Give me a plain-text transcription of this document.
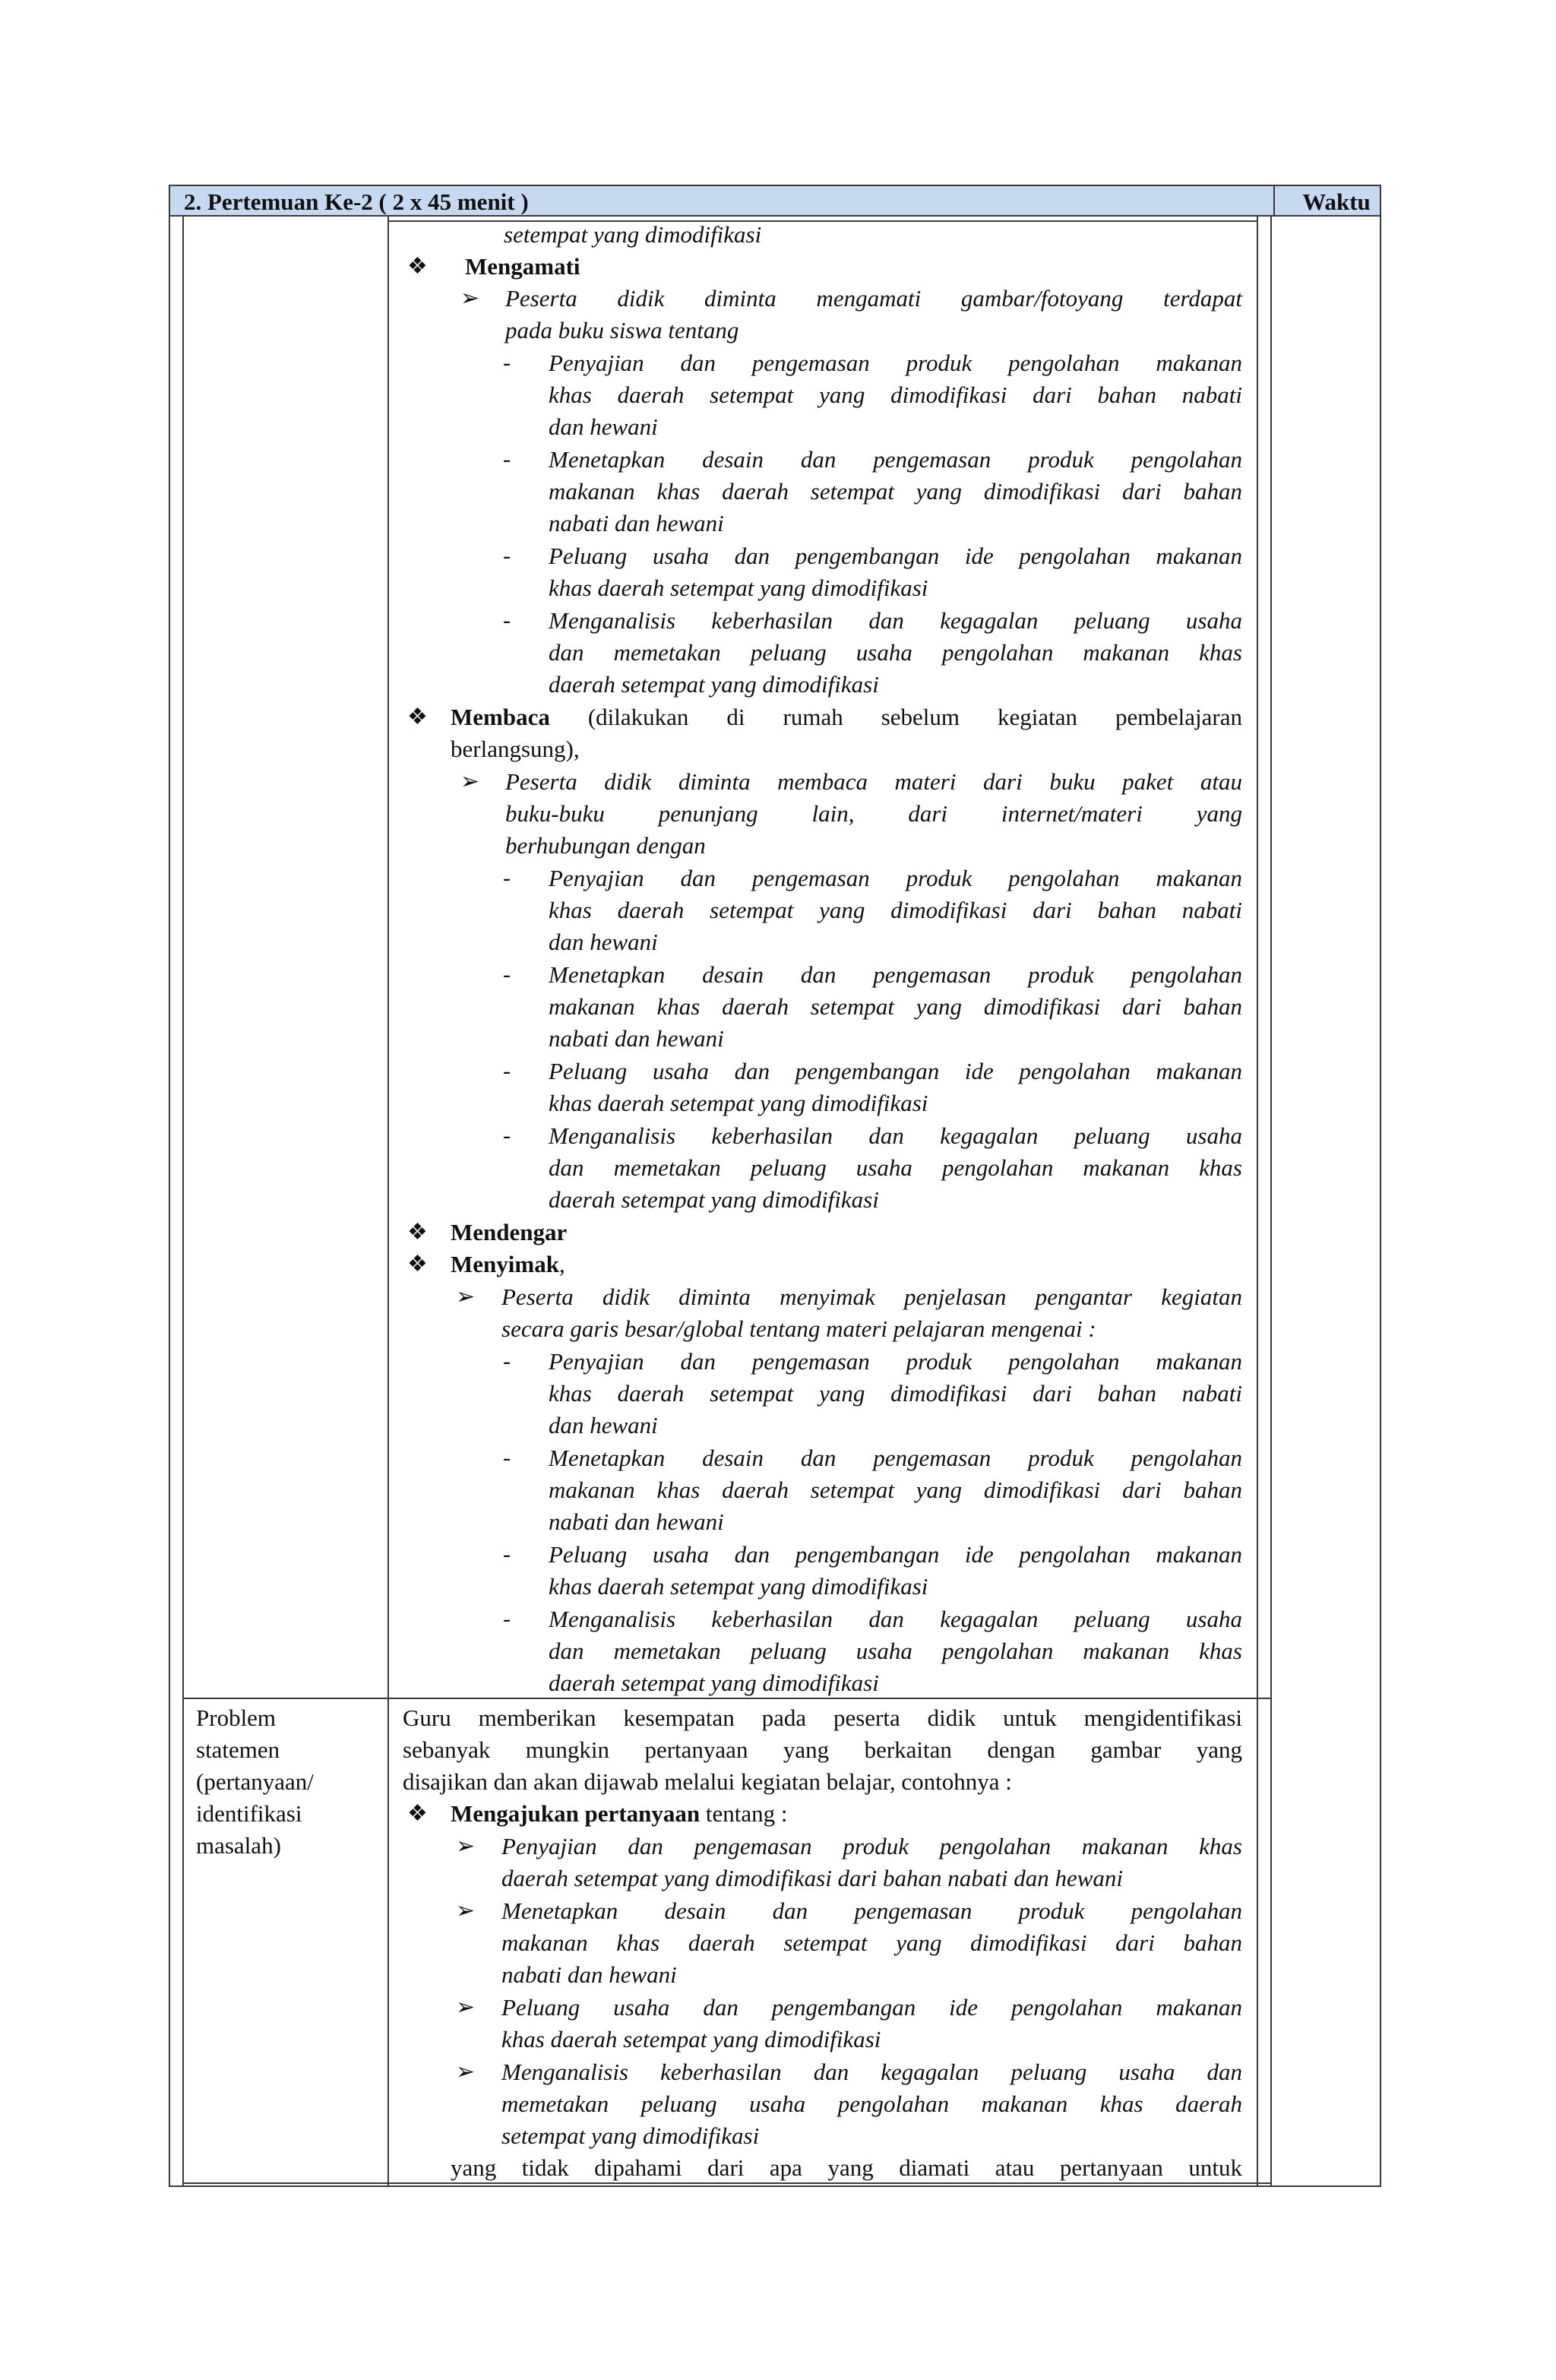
2. Pertemuan Ke-2 ( 2 x 45 menit )	Waktu
setempat yang dimodifikasi
❖ Mengamati
➢ Peserta didik diminta mengamati gambar/fotoyang terdapat
pada buku siswa tentang
- Penyajian dan pengemasan produk pengolahan makanan
khas daerah setempat yang dimodifikasi dari bahan nabati
dan hewani
- Menetapkan desain dan pengemasan produk pengolahan
makanan khas daerah setempat yang dimodifikasi dari bahan
nabati dan hewani
- Peluang usaha dan pengembangan ide pengolahan makanan
khas daerah setempat yang dimodifikasi
- Menganalisis keberhasilan dan kegagalan peluang usaha
dan memetakan peluang usaha pengolahan makanan khas
daerah setempat yang dimodifikasi
❖ Membaca (dilakukan di rumah sebelum kegiatan pembelajaran
berlangsung),
➢ Peserta didik diminta membaca materi dari buku paket atau
buku-buku penunjang lain, dari internet/materi yang
berhubungan dengan
- Penyajian dan pengemasan produk pengolahan makanan
khas daerah setempat yang dimodifikasi dari bahan nabati
dan hewani
- Menetapkan desain dan pengemasan produk pengolahan
makanan khas daerah setempat yang dimodifikasi dari bahan
nabati dan hewani
- Peluang usaha dan pengembangan ide pengolahan makanan
khas daerah setempat yang dimodifikasi
- Menganalisis keberhasilan dan kegagalan peluang usaha
dan memetakan peluang usaha pengolahan makanan khas
daerah setempat yang dimodifikasi
❖ Mendengar
❖ Menyimak,
➢ Peserta didik diminta menyimak penjelasan pengantar kegiatan
secara garis besar/global tentang materi pelajaran mengenai :
- Penyajian dan pengemasan produk pengolahan makanan
khas daerah setempat yang dimodifikasi dari bahan nabati
dan hewani
- Menetapkan desain dan pengemasan produk pengolahan
makanan khas daerah setempat yang dimodifikasi dari bahan
nabati dan hewani
- Peluang usaha dan pengembangan ide pengolahan makanan
khas daerah setempat yang dimodifikasi
- Menganalisis keberhasilan dan kegagalan peluang usaha
dan memetakan peluang usaha pengolahan makanan khas
daerah setempat yang dimodifikasi
Problem
statemen
(pertanyaan/
identifikasi
masalah)
Guru memberikan kesempatan pada peserta didik untuk mengidentifikasi
sebanyak mungkin pertanyaan yang berkaitan dengan gambar yang
disajikan dan akan dijawab melalui kegiatan belajar, contohnya :
❖ Mengajukan pertanyaan tentang :
➢ Penyajian dan pengemasan produk pengolahan makanan khas
daerah setempat yang dimodifikasi dari bahan nabati dan hewani
➢ Menetapkan desain dan pengemasan produk pengolahan
makanan khas daerah setempat yang dimodifikasi dari bahan
nabati dan hewani
➢ Peluang usaha dan pengembangan ide pengolahan makanan
khas daerah setempat yang dimodifikasi
➢ Menganalisis keberhasilan dan kegagalan peluang usaha dan
memetakan peluang usaha pengolahan makanan khas daerah
setempat yang dimodifikasi
yang tidak dipahami dari apa yang diamati atau pertanyaan untuk
